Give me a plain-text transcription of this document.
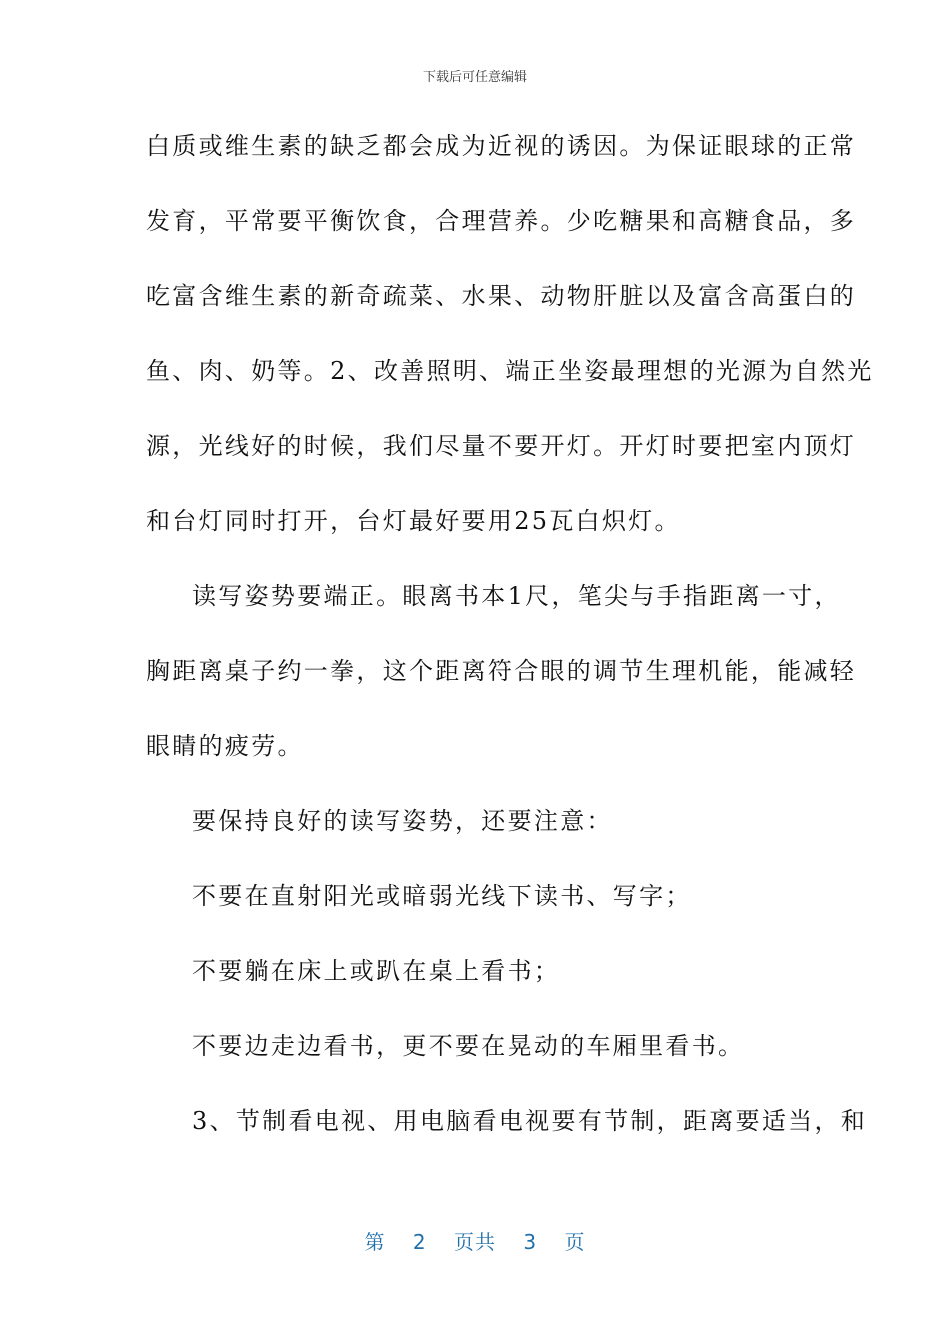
下载后可任意编辑
白质或维生素的缺乏都会成为近视的诱因。为保证眼球的正常
发育，平常要平衡饮食，合理营养。少吃糖果和高糖食品，多
吃富含维生素的新奇疏菜、水果、动物肝脏以及富含高蛋白的
鱼、肉、奶等。2、改善照明、端正坐姿最理想的光源为自然光
源，光线好的时候，我们尽量不要开灯。开灯时要把室内顶灯
和台灯同时打开，台灯最好要用25瓦白炽灯。
读写姿势要端正。眼离书本1尺，笔尖与手指距离一寸，
胸距离桌子约一拳，这个距离符合眼的调节生理机能，能减轻
眼睛的疲劳。
要保持良好的读写姿势，还要注意：
不要在直射阳光或暗弱光线下读书、写字；
不要躺在床上或趴在桌上看书；
不要边走边看书，更不要在晃动的车厢里看书。
3、节制看电视、用电脑看电视要有节制，距离要适当，和
第 2 页共 3 页
